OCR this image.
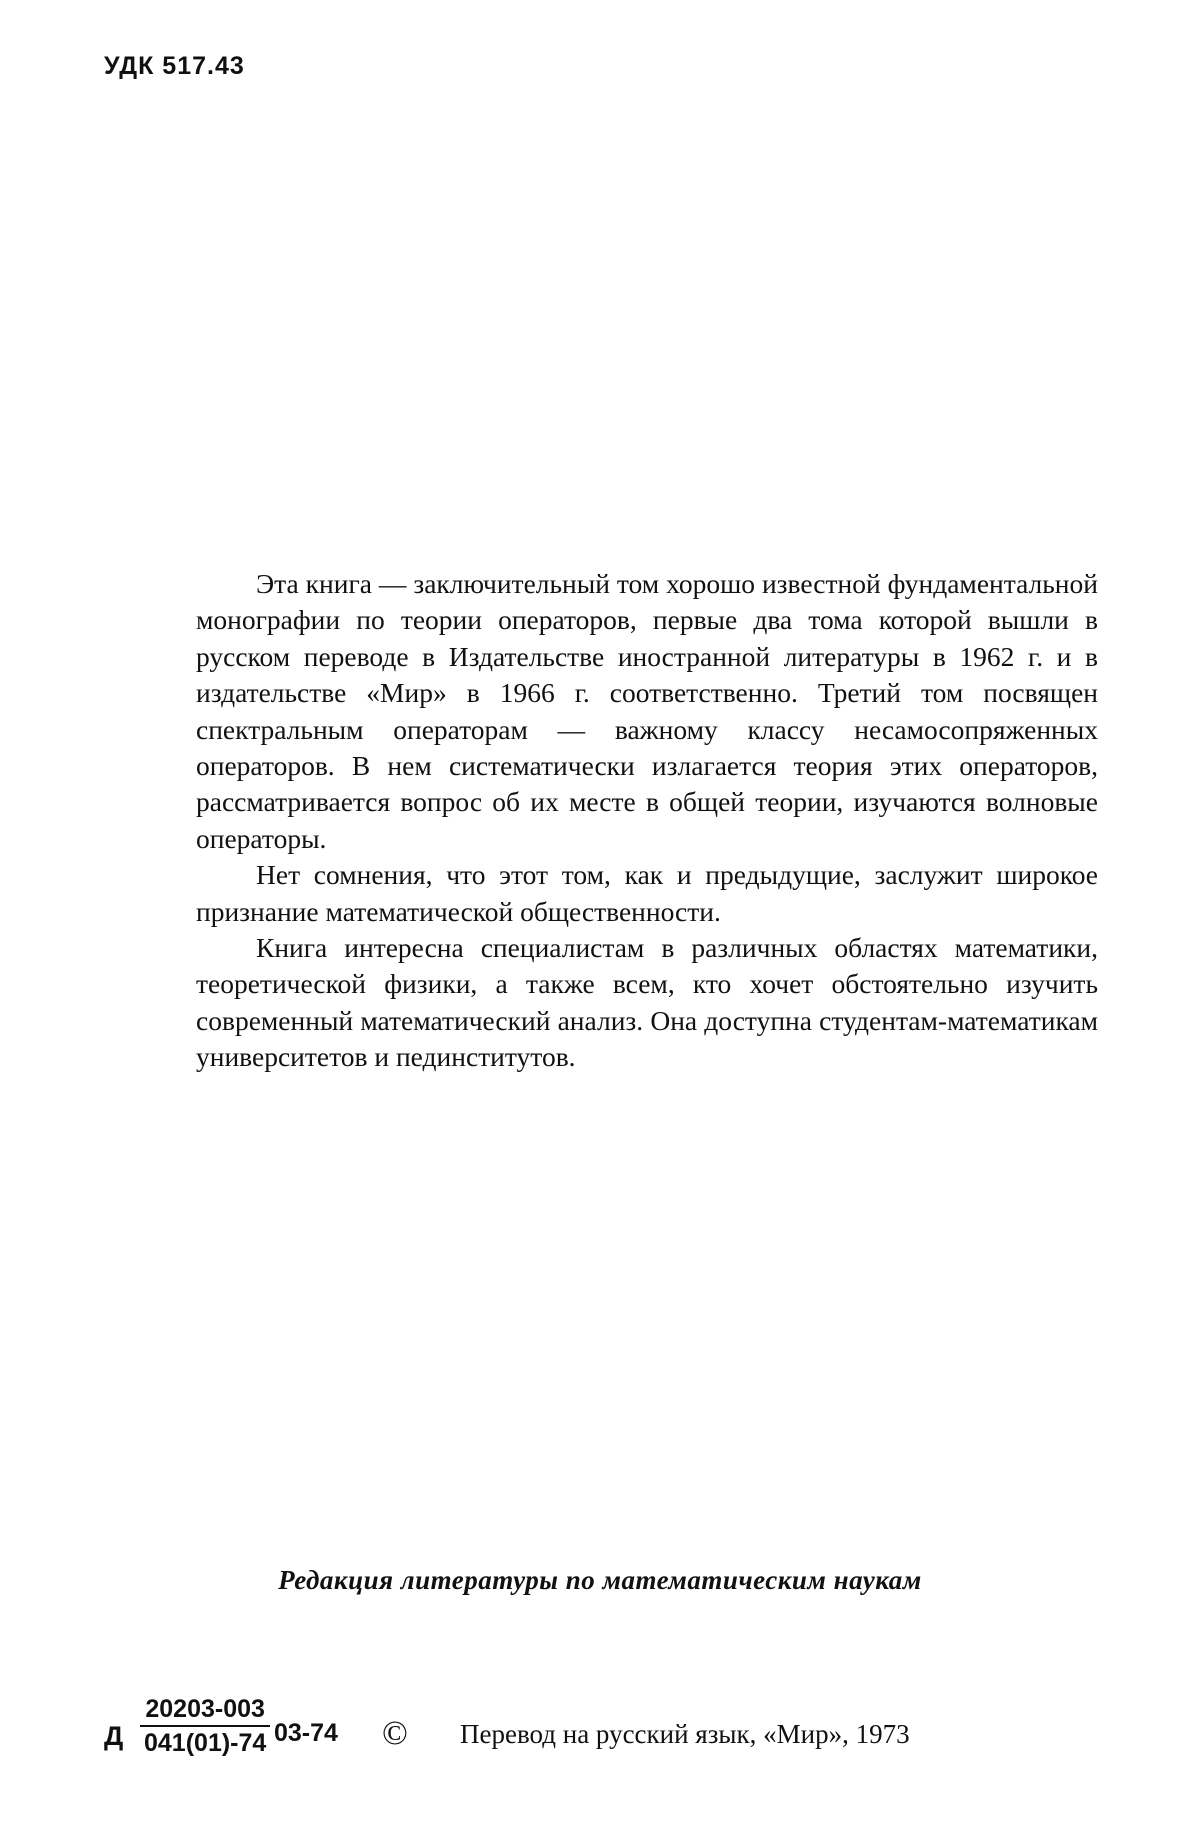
УДК 517.43

Эта книга — заключительный том хорошо известной фундаментальной монографии по теории операторов, первые два тома которой вышли в русском переводе в Издательстве иностранной литературы в 1962 г. и в издательстве «Мир» в 1966 г. соответственно. Третий том посвящен спектральным операторам — важному классу несамосопряженных операторов. В нем систематически излагается теория этих операторов, рассматривается вопрос об их месте в общей теории, изучаются волновые операторы.

Нет сомнения, что этот том, как и предыдущие, заслужит широкое признание математической общественности.

Книга интересна специалистам в различных областях математики, теоретической физики, а также всем, кто хочет обстоятельно изучить современный математический анализ. Она доступна студентам-математикам университетов и пединститутов.

Редакция литературы по математическим наукам
Д $\frac{20203-003}{041(01)-74} 03-74$ © Перевод на русский язык, «Мир», 1973
